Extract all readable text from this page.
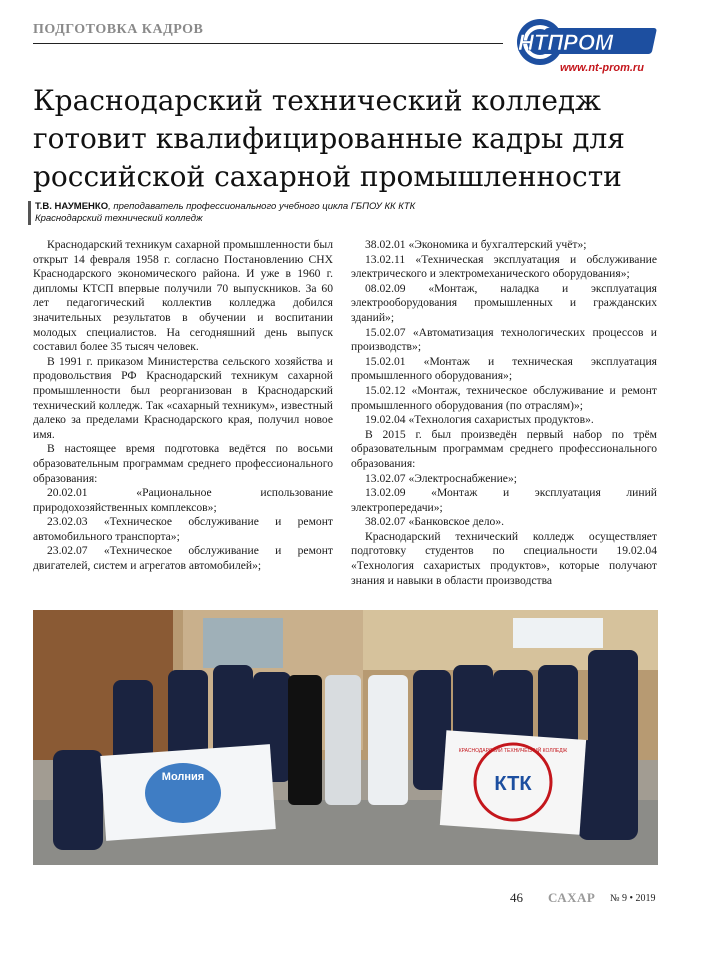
ПОДГОТОВКА КАДРОВ
НТПРОМ
www.nt-prom.ru
Краснодарский технический колледж готовит квалифицированные кадры для российской сахарной промышленности
Т.В. НАУМЕНКО, преподаватель профессионального учебного цикла ГБПОУ КК КТК
Краснодарский технический колледж

Краснодарский техникум сахарной промышленности был открыт 14 февраля 1958 г. согласно Постановлению СНХ Краснодарского экономического района. И уже в 1960 г. дипломы КТСП впервые получили 70 выпускников. За 60 лет педагогический коллектив колледжа добился значительных результатов в обучении и воспитании молодых специалистов. На сегодняшний день выпуск составил более 35 тысяч человек.

В 1991 г. приказом Министерства сельского хозяйства и продовольствия РФ Краснодарский техникум сахарной промышленности был реорганизован в Краснодарский технический колледж. Так «сахарный техникум», известный далеко за пределами Краснодарского края, получил новое имя.

В настоящее время подготовка ведётся по восьми образовательным программам среднего профессионального образования:

20.02.01 «Рациональное использование природохозяйственных комплексов»;

23.02.03 «Техническое обслуживание и ремонт автомобильного транспорта»;

23.02.07 «Техническое обслуживание и ремонт двигателей, систем и агрегатов автомобилей»;

38.02.01 «Экономика и бухгалтерский учёт»;

13.02.11 «Техническая эксплуатация и обслуживание электрического и электромеханического оборудования»;

08.02.09 «Монтаж, наладка и эксплуатация электрооборудования промышленных и гражданских зданий»;

15.02.07 «Автоматизация технологических процессов и производств»;

15.02.01 «Монтаж и техническая эксплуатация промышленного оборудования»;

15.02.12 «Монтаж, техническое обслуживание и ремонт промышленного оборудования (по отраслям)»;

19.02.04 «Технология сахаристых продуктов».

В 2015 г. был произведён первый набор по трём образовательным программам среднего профессионального образования:

13.02.07 «Электроснабжение»;

13.02.09 «Монтаж и эксплуатация линий электропередачи»;

38.02.07 «Банковское дело».

Краснодарский технический колледж осуществляет подготовку студентов по специальности 19.02.04 «Технология сахаристых продуктов», которые получают знания и навыки в области производства

Молния	КТК
КРАСНОДАРСКИЙ ТЕХНИЧЕСКИЙ КОЛЛЕДЖ
46 САХАР № 9 • 2019
